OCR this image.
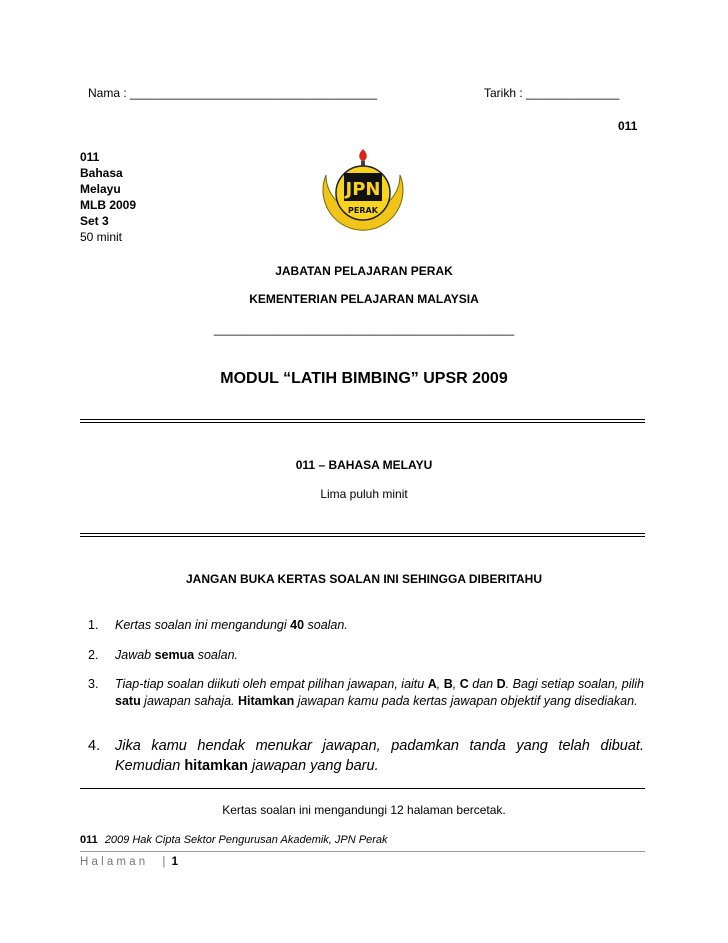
Nama : _____________________________________	Tarikh : ______________
011
011
Bahasa
Melayu
MLB 2009
Set 3
50 minit
JPN
PERAK
JABATAN PELAJARAN PERAK
KEMENTERIAN PELAJARAN MALAYSIA
_____________________________________________
MODUL “LATIH BIMBING” UPSR 2009
011 – BAHASA MELAYU
Lima puluh minit
JANGAN BUKA KERTAS SOALAN INI SEHINGGA DIBERITAHU
1. Kertas soalan ini mengandungi 40 soalan.
2. Jawab semua soalan.
3. Tiap-tiap soalan diikuti oleh empat pilihan jawapan, iaitu A, B, C dan D. Bagi setiap soalan, pilih satu jawapan sahaja. Hitamkan jawapan kamu pada kertas jawapan objektif yang disediakan.
4. Jika kamu hendak menukar jawapan, padamkan tanda yang telah dibuat. Kemudian hitamkan jawapan yang baru.
Kertas soalan ini mengandungi 12 halaman bercetak.
011 2009 Hak Cipta Sektor Pengurusan Akademik, JPN Perak
H a l a m a n | 1
